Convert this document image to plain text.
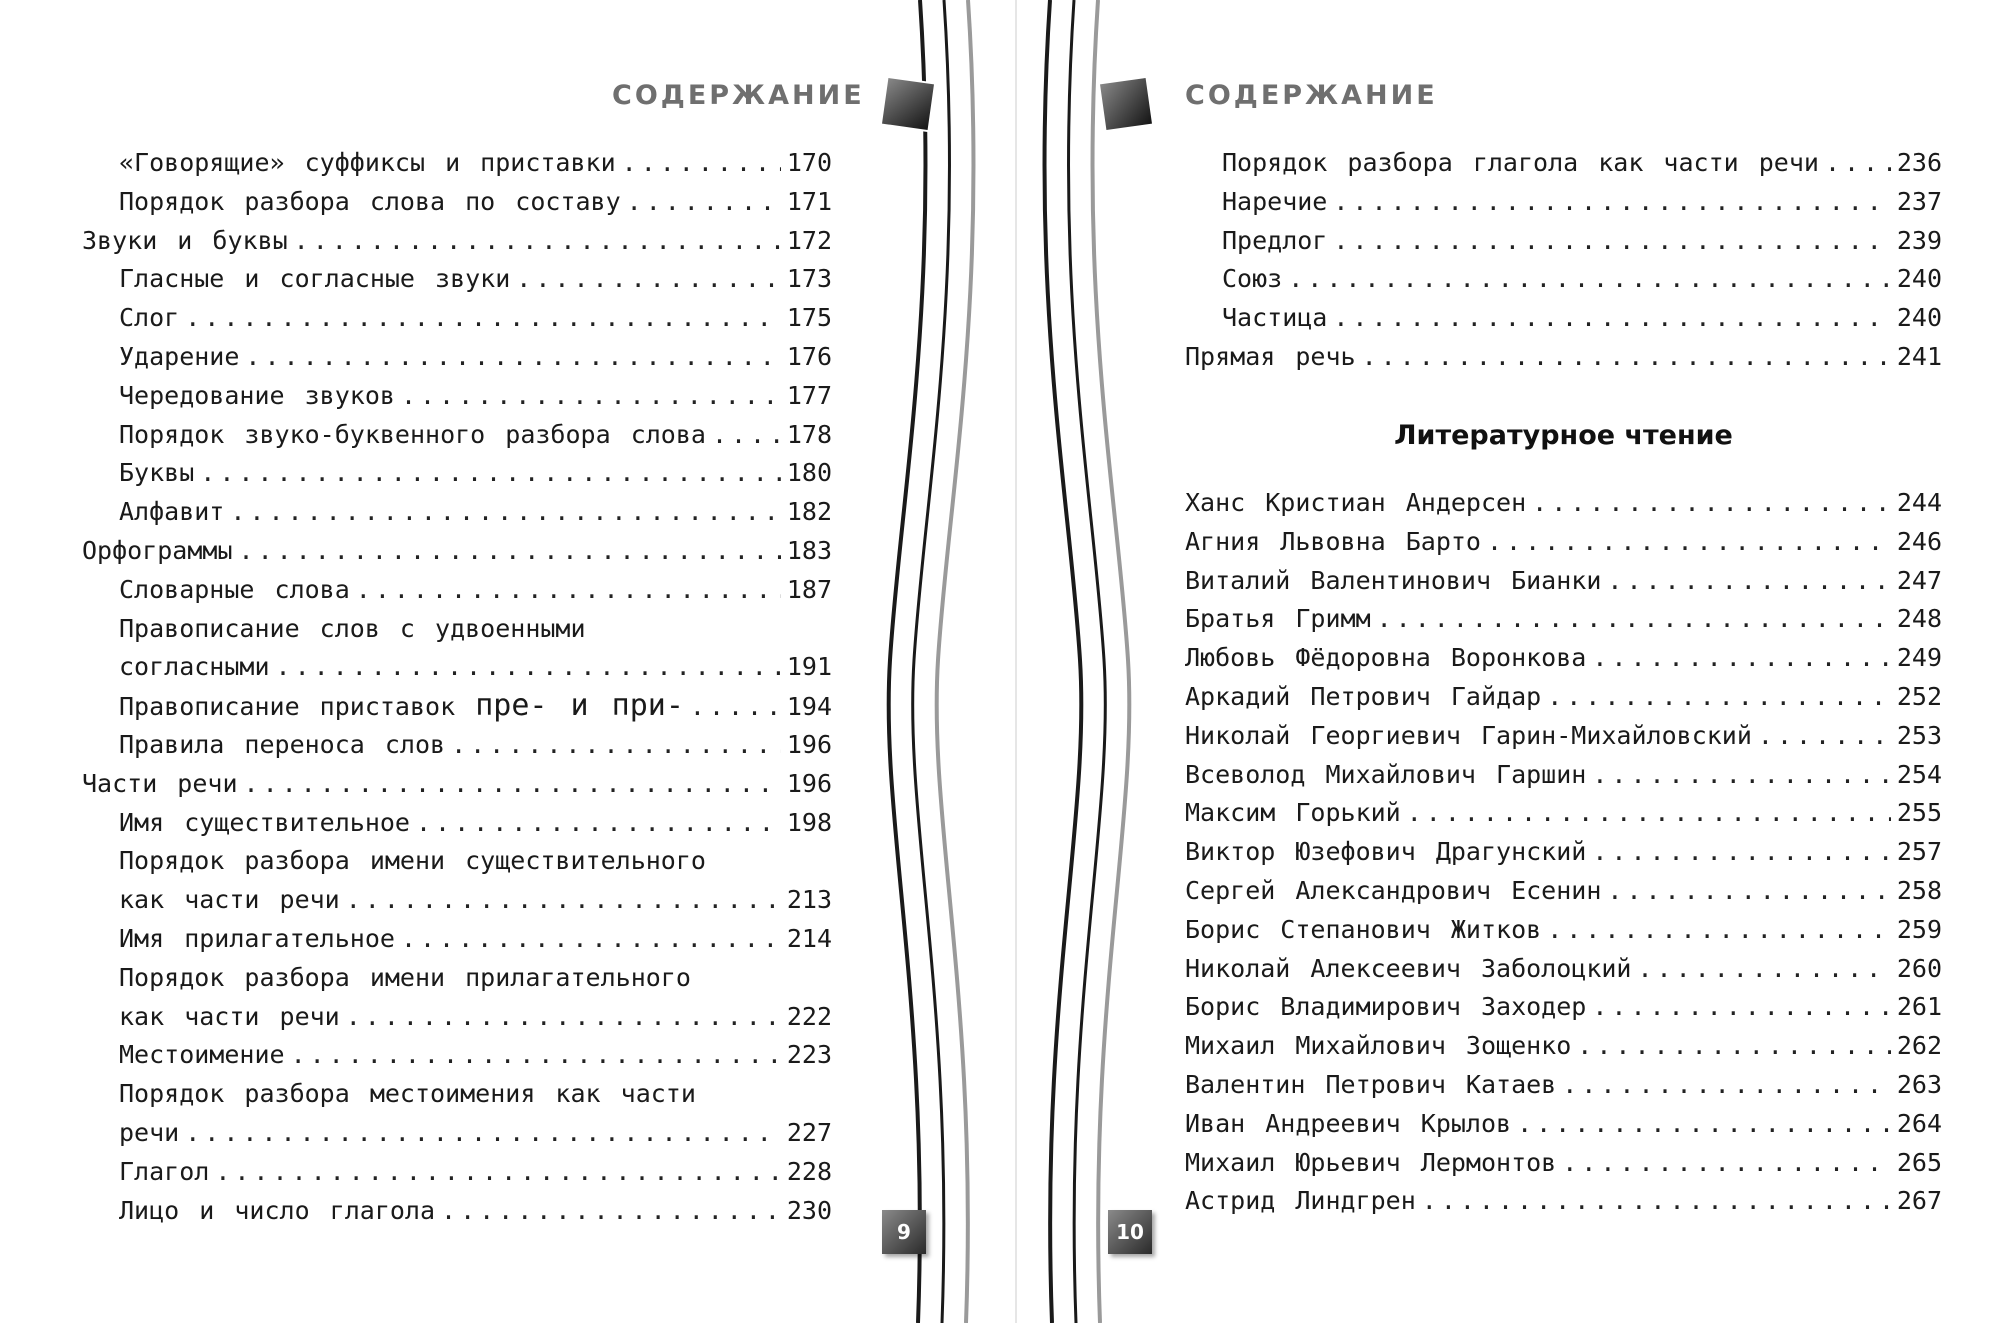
СОДЕРЖАНИЕ
«Говорящие» суффиксы и приставки .....	170
Порядок разбора слова по составу .....	171
Звуки и буквы .....	172
Гласные и согласные звуки .....	173
Слог .....	175
Ударение .....	176
Чередование звуков .....	177
Порядок звуко-буквенного разбора слова .....	178
Буквы .....	180
Алфавит .....	182
Орфограммы .....	183
Словарные слова .....	187
Правописание слов с удвоенными
согласными .....	191
Правописание приставок пре- и при- .....	194
Правила переноса слов .....	196
Части речи .....	196
Имя существительное .....	198
Порядок разбора имени существительного
как части речи .....	213
Имя прилагательное .....	214
Порядок разбора имени прилагательного
как части речи .....	222
Местоимение .....	223
Порядок разбора местоимения как части
речи .....	227
Глагол .....	228
Лицо и число глагола .....	230
9
СОДЕРЖАНИЕ
Порядок разбора глагола как части речи .....	236
Наречие .....	237
Предлог .....	239
Союз .....	240
Частица .....	240
Прямая речь .....	241
Литературное чтение
Ханс Кристиан Андерсен .....	244
Агния Львовна Барто .....	246
Виталий Валентинович Бианки .....	247
Братья Гримм .....	248
Любовь Фёдоровна Воронкова .....	249
Аркадий Петрович Гайдар .....	252
Николай Георгиевич Гарин-Михайловский .....	253
Всеволод Михайлович Гаршин .....	254
Максим Горький .....	255
Виктор Юзефович Драгунский .....	257
Сергей Александрович Есенин .....	258
Борис Степанович Житков .....	259
Николай Алексеевич Заболоцкий .....	260
Борис Владимирович Заходер .....	261
Михаил Михайлович Зощенко .....	262
Валентин Петрович Катаев .....	263
Иван Андреевич Крылов .....	264
Михаил Юрьевич Лермонтов .....	265
Астрид Линдгрен .....	267
10
